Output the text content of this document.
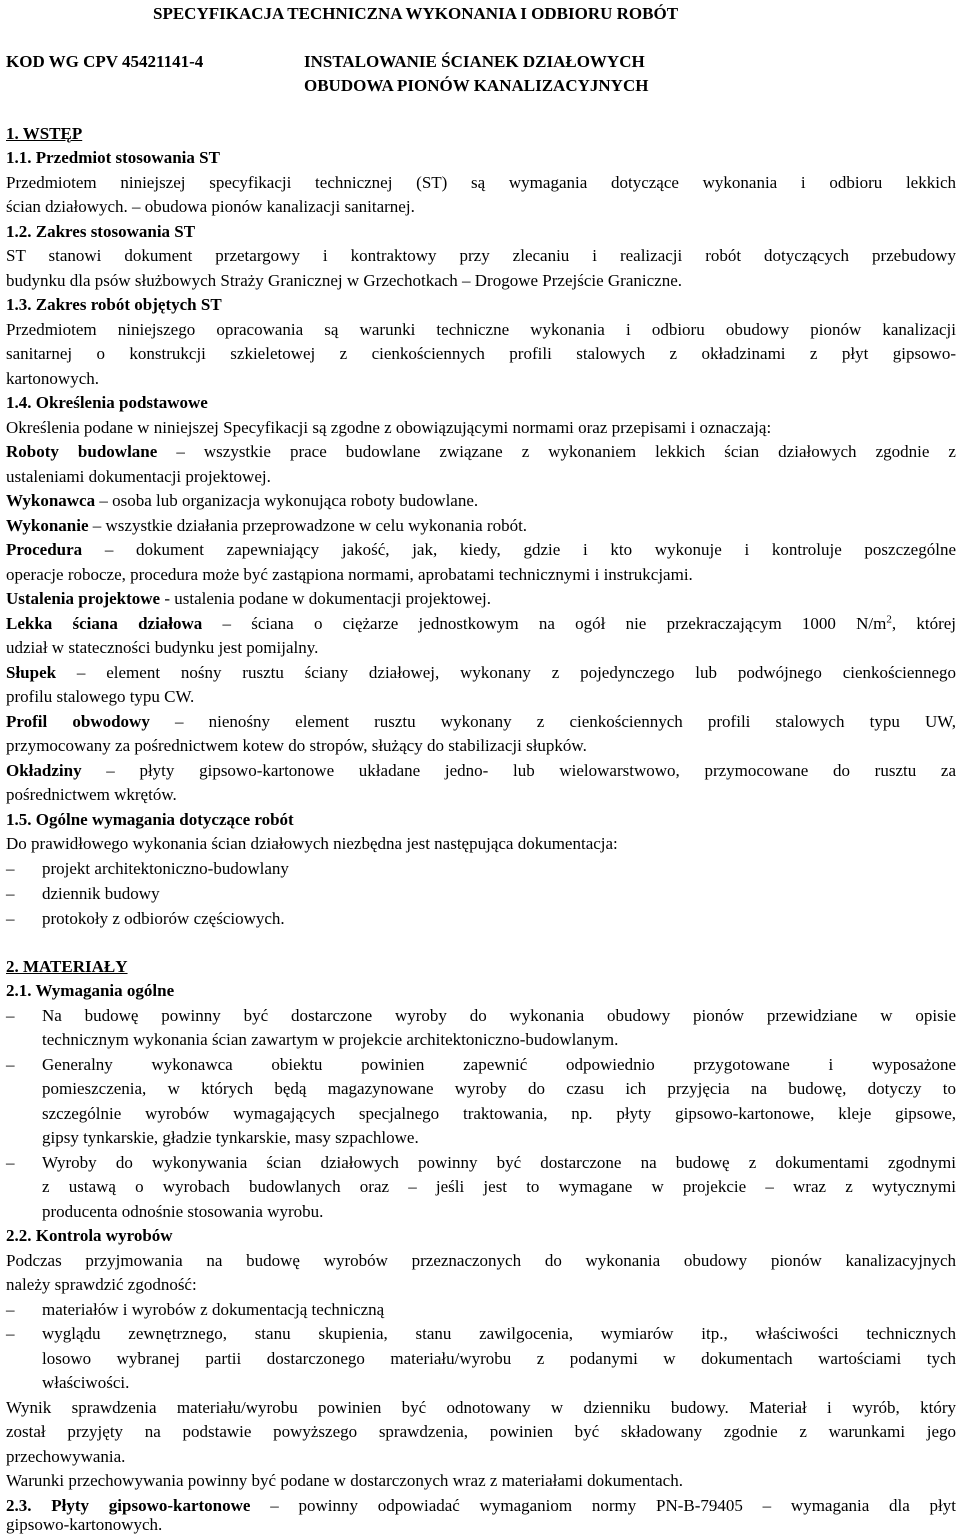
SPECYFIKACJA TECHNICZNA WYKONANIA I ODBIORU ROBÓT
KOD WG CPV 45421141-4	INSTALOWANIE ŚCIANEK DZIAŁOWYCH
OBUDOWA PIONÓW KANALIZACYJNYCH
1. WSTĘP
1.1. Przedmiot stosowania ST
Przedmiotem niniejszej specyfikacji technicznej (ST) są wymagania dotyczące wykonania i odbioru lekkich
ścian działowych. – obudowa pionów kanalizacji sanitarnej.
1.2. Zakres stosowania ST
ST stanowi dokument przetargowy i kontraktowy przy zlecaniu i realizacji robót dotyczących przebudowy
budynku dla psów służbowych Straży Granicznej w Grzechotkach – Drogowe Przejście Graniczne.
1.3. Zakres robót objętych ST
Przedmiotem niniejszego opracowania są warunki techniczne wykonania i odbioru obudowy pionów kanalizacji
sanitarnej o konstrukcji szkieletowej z cienkościennych profili stalowych z okładzinami z płyt gipsowo-
kartonowych.
1.4. Określenia podstawowe
Określenia podane w niniejszej Specyfikacji są zgodne z obowiązującymi normami oraz przepisami i oznaczają:
Roboty budowlane – wszystkie prace budowlane związane z wykonaniem lekkich ścian działowych zgodnie z
ustaleniami dokumentacji projektowej.
Wykonawca – osoba lub organizacja wykonująca roboty budowlane.
Wykonanie – wszystkie działania przeprowadzone w celu wykonania robót.
Procedura – dokument zapewniający jakość, jak, kiedy, gdzie i kto wykonuje i kontroluje poszczególne
operacje robocze, procedura może być zastąpiona normami, aprobatami technicznymi i instrukcjami.
Ustalenia projektowe - ustalenia podane w dokumentacji projektowej.
Lekka ściana działowa – ściana o ciężarze jednostkowym na ogół nie przekraczającym 1000 $N/m^2$, której
udział w stateczności budynku jest pomijalny.
Słupek – element nośny rusztu ściany działowej, wykonany z pojedynczego lub podwójnego cienkościennego
profilu stalowego typu CW.
Profil obwodowy – nienośny element rusztu wykonany z cienkościennych profili stalowych typu UW,
przymocowany za pośrednictwem kotew do stropów, służący do stabilizacji słupków.
Okładziny – płyty gipsowo-kartonowe układane jedno- lub wielowarstwowo, przymocowane do rusztu za
pośrednictwem wkrętów.
1.5. Ogólne wymagania dotyczące robót
Do prawidłowego wykonania ścian działowych niezbędna jest następująca dokumentacja:
– projekt architektoniczno-budowlany
– dziennik budowy
– protokoły z odbiorów częściowych.
2. MATERIAŁY
2.1. Wymagania ogólne
– Na budowę powinny być dostarczone wyroby do wykonania obudowy pionów przewidziane w opisie
technicznym wykonania ścian zawartym w projekcie architektoniczno-budowlanym.
– Generalny wykonawca obiektu powinien zapewnić odpowiednio przygotowane i wyposażone
pomieszczenia, w których będą magazynowane wyroby do czasu ich przyjęcia na budowę, dotyczy to
szczególnie wyrobów wymagających specjalnego traktowania, np. płyty gipsowo-kartonowe, kleje gipsowe,
gipsy tynkarskie, gładzie tynkarskie, masy szpachlowe.
– Wyroby do wykonywania ścian działowych powinny być dostarczone na budowę z dokumentami zgodnymi
z ustawą o wyrobach budowlanych oraz – jeśli jest to wymagane w projekcie – wraz z wytycznymi
producenta odnośnie stosowania wyrobu.
2.2. Kontrola wyrobów
Podczas przyjmowania na budowę wyrobów przeznaczonych do wykonania obudowy pionów kanalizacyjnych
należy sprawdzić zgodność:
– materiałów i wyrobów z dokumentacją techniczną
– wyglądu zewnętrznego, stanu skupienia, stanu zawilgocenia, wymiarów itp., właściwości technicznych
losowo wybranej partii dostarczonego materiału/wyrobu z podanymi w dokumentach wartościami tych
właściwości.
Wynik sprawdzenia materiału/wyrobu powinien być odnotowany w dzienniku budowy. Materiał i wyrób, który
został przyjęty na podstawie powyższego sprawdzenia, powinien być składowany zgodnie z warunkami jego
przechowywania.
Warunki przechowywania powinny być podane w dostarczonych wraz z materiałami dokumentach.
2.3. Płyty gipsowo-kartonowe – powinny odpowiadać wymaganiom normy PN-B-79405 – wymagania dla płyt
gipsowo-kartonowych.
